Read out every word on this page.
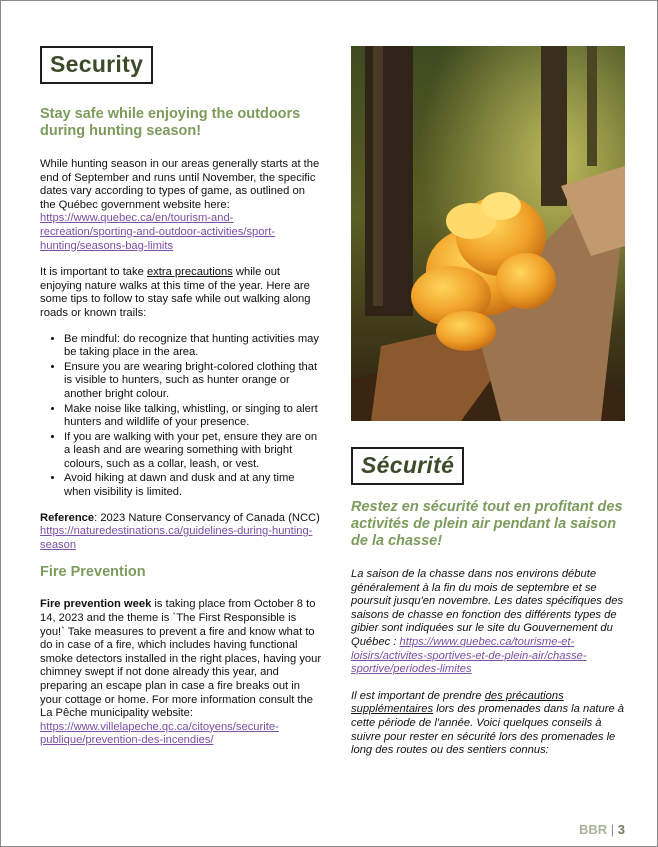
Security
Stay safe while enjoying the outdoors during hunting season!

While hunting season in our areas generally starts at the end of September and runs until November, the specific dates vary according to types of game, as outlined on the Québec government website here: https://www.quebec.ca/en/tourism-and-recreation/sporting-and-outdoor-activities/sport-hunting/seasons-bag-limits

It is important to take extra precautions while out enjoying nature walks at this time of the year. Here are some tips to follow to stay safe while out walking along roads or known trails:

• Be mindful: do recognize that hunting activities may be taking place in the area.
• Ensure you are wearing bright-colored clothing that is visible to hunters, such as hunter orange or another bright colour.
• Make noise like talking, whistling, or singing to alert hunters and wildlife of your presence.
• If you are walking with your pet, ensure they are on a leash and are wearing something with bright colours, such as a collar, leash, or vest.
• Avoid hiking at dawn and dusk and at any time when visibility is limited.

Reference: 2023 Nature Conservancy of Canada (NCC) https://naturedestinations.ca/guidelines-during-hunting-season

Fire Prevention

Fire prevention week is taking place from October 8 to 14, 2023 and the theme is `The First Responsible is you!` Take measures to prevent a fire and know what to do in case of a fire, which includes having functional smoke detectors installed in the right places, having your chimney swept if not done already this year, and preparing an escape plan in case a fire breaks out in your cottage or home. For more information consult the La Pêche municipality website: https://www.villelapeche.qc.ca/citoyens/securite-publique/prevention-des-incendies/

Sécurité
Restez en sécurité tout en profitant des activités de plein air pendant la saison de la chasse!

La saison de la chasse dans nos environs débute généralement à la fin du mois de septembre et se poursuit jusqu'en novembre. Les dates spécifiques des saisons de chasse en fonction des différents types de gibier sont indiquées sur le site du Gouvernement du Québec : https://www.quebec.ca/tourisme-et-loisirs/activites-sportives-et-de-plein-air/chasse-sportive/periodes-limites

Il est important de prendre des précautions supplémentaires lors des promenades dans la nature à cette période de l'année. Voici quelques conseils à suivre pour rester en sécurité lors des promenades le long des routes ou des sentiers connus:

BBR | 3
